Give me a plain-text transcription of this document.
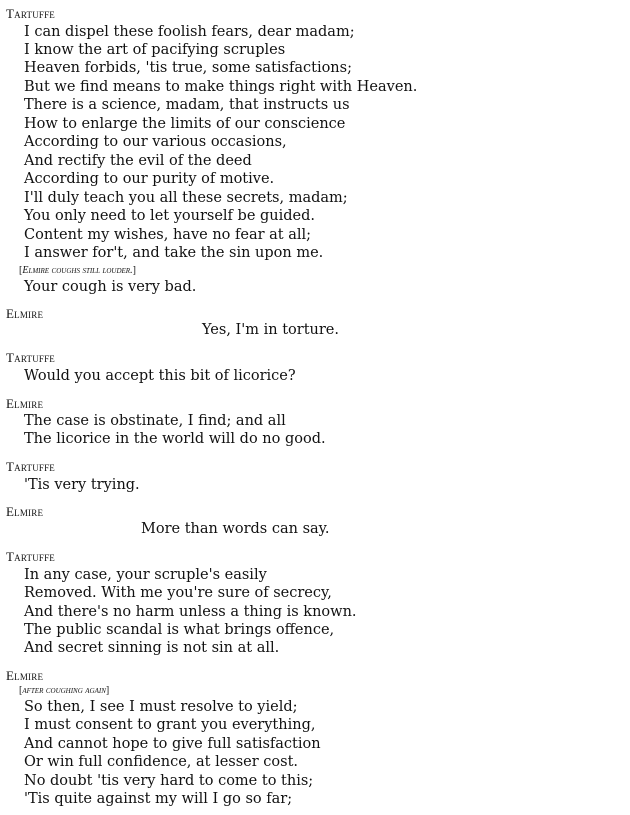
Tartuffe
I can dispel these foolish fears, dear madam;
I know the art of pacifying scruples
Heaven forbids, 'tis true, some satisfactions;
But we find means to make things right with Heaven.
There is a science, madam, that instructs us
How to enlarge the limits of our conscience
According to our various occasions,
And rectify the evil of the deed
According to our purity of motive.
I'll duly teach you all these secrets, madam;
You only need to let yourself be guided.
Content my wishes, have no fear at all;
I answer for't, and take the sin upon me.
[Elmire coughs still louder.]
Your cough is very bad.
Elmire
Yes, I'm in torture.
Tartuffe
Would you accept this bit of licorice?
Elmire
The case is obstinate, I find; and all
The licorice in the world will do no good.
Tartuffe
'Tis very trying.
Elmire
More than words can say.
Tartuffe
In any case, your scruple's easily
Removed. With me you're sure of secrecy,
And there's no harm unless a thing is known.
The public scandal is what brings offence,
And secret sinning is not sin at all.
Elmire
[after coughing again]
So then, I see I must resolve to yield;
I must consent to grant you everything,
And cannot hope to give full satisfaction
Or win full confidence, at lesser cost.
No doubt 'tis very hard to come to this;
'Tis quite against my will I go so far;
